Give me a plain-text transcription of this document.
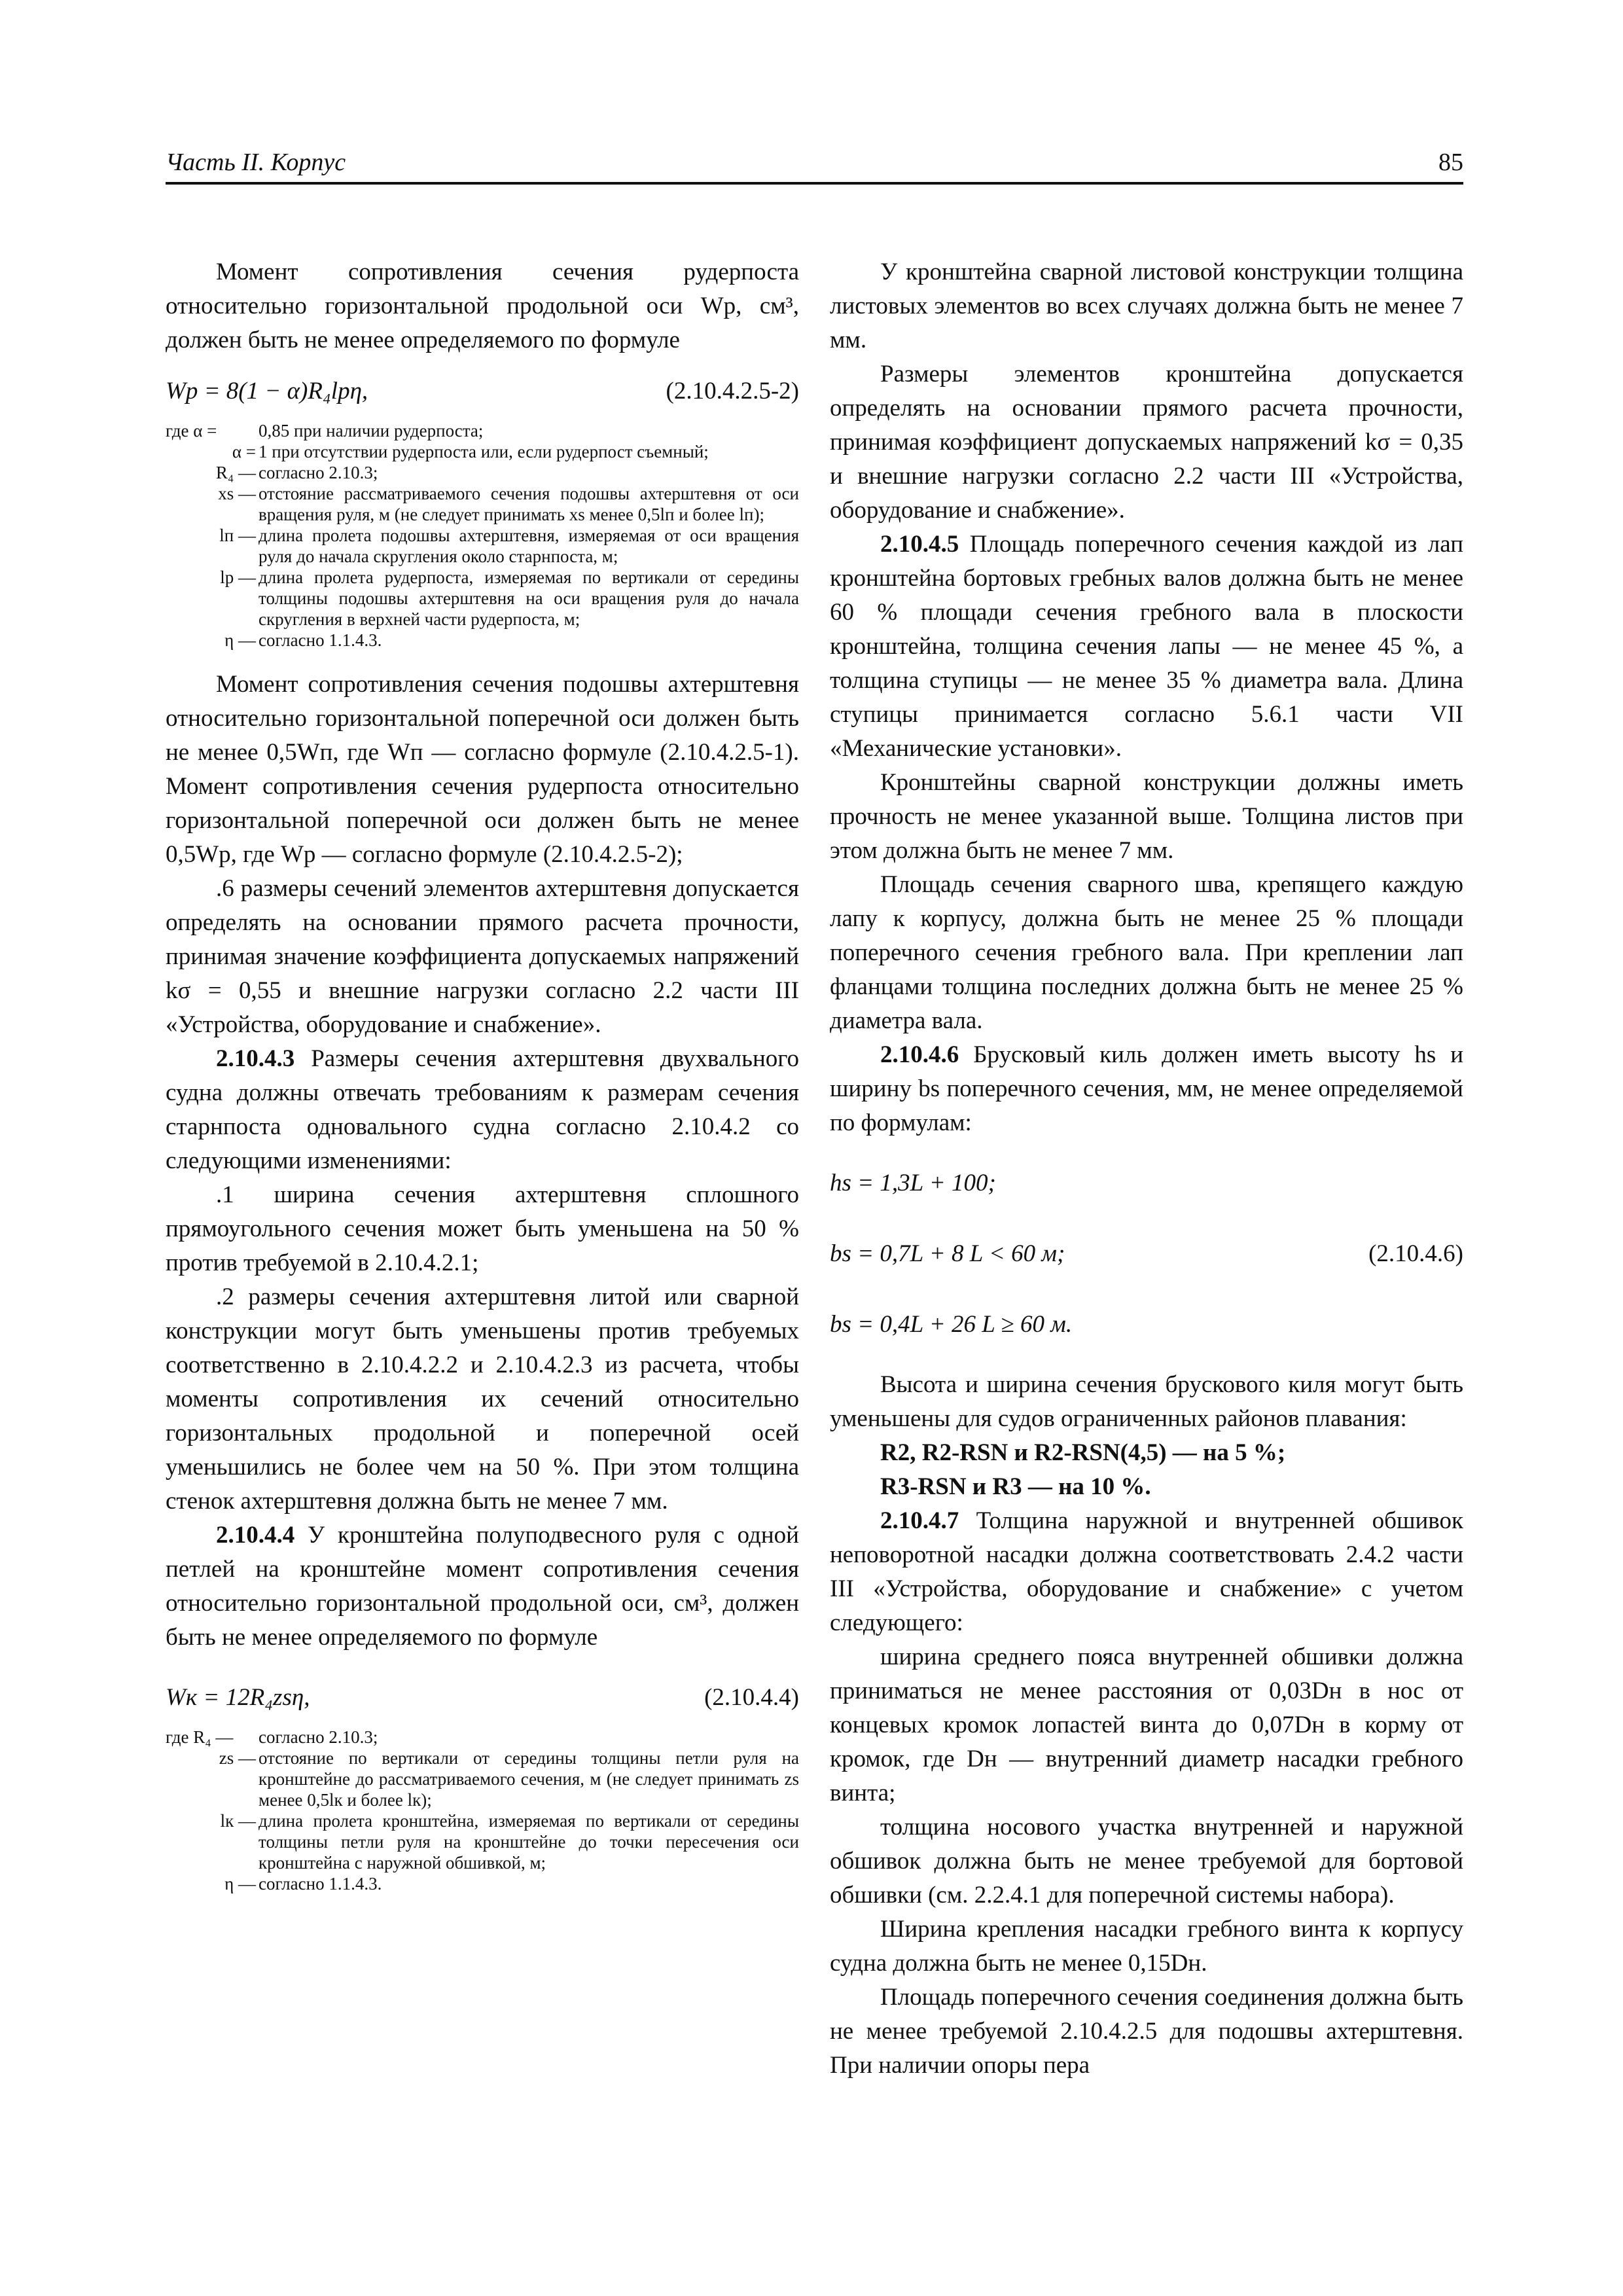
Часть II. Корпус	85

Момент сопротивления сечения рудерпоста относительно горизонтальной продольной оси Wp, см³, должен быть не менее определяемого по формуле

Wp = 8(1 − α)R₄lpη,	(2.10.4.2.5-2)
где α =	0,85 при наличии рудерпоста;
α = 1 при отсутствии рудерпоста или, если рудерпост съемный;
R₄ — согласно 2.10.3;
xs — отстояние рассматриваемого сечения подошвы ахтерштевня от оси вращения руля, м (не следует принимать xs менее 0,5lп и более lп);
lп — длина пролета подошвы ахтерштевня, измеряемая от оси вращения руля до начала скругления около старнпоста, м;
lp — длина пролета рудерпоста, измеряемая по вертикали от середины толщины подошвы ахтерштевня на оси вращения руля до начала скругления в верхней части рудерпоста, м;
η — согласно 1.1.4.3.

Момент сопротивления сечения подошвы ахтерштевня относительно горизонтальной поперечной оси должен быть не менее 0,5Wп, где Wп — согласно формуле (2.10.4.2.5-1). Момент сопротивления сечения рудерпоста относительно горизонтальной поперечной оси должен быть не менее 0,5Wp, где Wp — согласно формуле (2.10.4.2.5-2);

.6 размеры сечений элементов ахтерштевня допускается определять на основании прямого расчета прочности, принимая значение коэффициента допускаемых напряжений kσ = 0,55 и внешние нагрузки согласно 2.2 части III «Устройства, оборудование и снабжение».

2.10.4.3 Размеры сечения ахтерштевня двухвального судна должны отвечать требованиям к размерам сечения старнпоста одновального судна согласно 2.10.4.2 со следующими изменениями:

.1 ширина сечения ахтерштевня сплошного прямоугольного сечения может быть уменьшена на 50 % против требуемой в 2.10.4.2.1;

.2 размеры сечения ахтерштевня литой или сварной конструкции могут быть уменьшены против требуемых соответственно в 2.10.4.2.2 и 2.10.4.2.3 из расчета, чтобы моменты сопротивления их сечений относительно горизонтальных продольной и поперечной осей уменьшились не более чем на 50 %. При этом толщина стенок ахтерштевня должна быть не менее 7 мм.

2.10.4.4 У кронштейна полуподвесного руля с одной петлей на кронштейне момент сопротивления сечения относительно горизонтальной продольной оси, см³, должен быть не менее определяемого по формуле

Wк = 12R₄zsη,	(2.10.4.4)
где R₄ —	согласно 2.10.3;
zs — отстояние по вертикали от середины толщины петли руля на кронштейне до рассматриваемого сечения, м (не следует принимать zs менее 0,5lк и более lк);
lк — длина пролета кронштейна, измеряемая по вертикали от середины толщины петли руля на кронштейне до точки пересечения оси кронштейна с наружной обшивкой, м;
η — согласно 1.1.4.3.

У кронштейна сварной листовой конструкции толщина листовых элементов во всех случаях должна быть не менее 7 мм.

Размеры элементов кронштейна допускается определять на основании прямого расчета прочности, принимая коэффициент допускаемых напряжений kσ = 0,35 и внешние нагрузки согласно 2.2 части III «Устройства, оборудование и снабжение».

2.10.4.5 Площадь поперечного сечения каждой из лап кронштейна бортовых гребных валов должна быть не менее 60 % площади сечения гребного вала в плоскости кронштейна, толщина сечения лапы — не менее 45 %, а толщина ступицы — не менее 35 % диаметра вала. Длина ступицы принимается согласно 5.6.1 части VII «Механические установки».

Кронштейны сварной конструкции должны иметь прочность не менее указанной выше. Толщина листов при этом должна быть не менее 7 мм.

Площадь сечения сварного шва, крепящего каждую лапу к корпусу, должна быть не менее 25 % площади поперечного сечения гребного вала. При креплении лап фланцами толщина последних должна быть не менее 25 % диаметра вала.

2.10.4.6 Брусковый киль должен иметь высоту hs и ширину bs поперечного сечения, мм, не менее определяемой по формулам:

hs = 1,3L + 100;
bs = 0,7L + 8 L < 60 м;	(2.10.4.6)
bs = 0,4L + 26 L ≥ 60 м.

Высота и ширина сечения брускового киля могут быть уменьшены для судов ограниченных районов плавания:

R2, R2-RSN и R2-RSN(4,5) — на 5 %;

R3-RSN и R3 — на 10 %.

2.10.4.7 Толщина наружной и внутренней обшивок неповоротной насадки должна соответствовать 2.4.2 части III «Устройства, оборудование и снабжение» с учетом следующего:

ширина среднего пояса внутренней обшивки должна приниматься не менее расстояния от 0,03Dн в нос от концевых кромок лопастей винта до 0,07Dн в корму от кромок, где Dн — внутренний диаметр насадки гребного винта;

толщина носового участка внутренней и наружной обшивок должна быть не менее требуемой для бортовой обшивки (см. 2.2.4.1 для поперечной системы набора).

Ширина крепления насадки гребного винта к корпусу судна должна быть не менее 0,15Dн.

Площадь поперечного сечения соединения должна быть не менее требуемой 2.10.4.2.5 для подошвы ахтерштевня. При наличии опоры пера
